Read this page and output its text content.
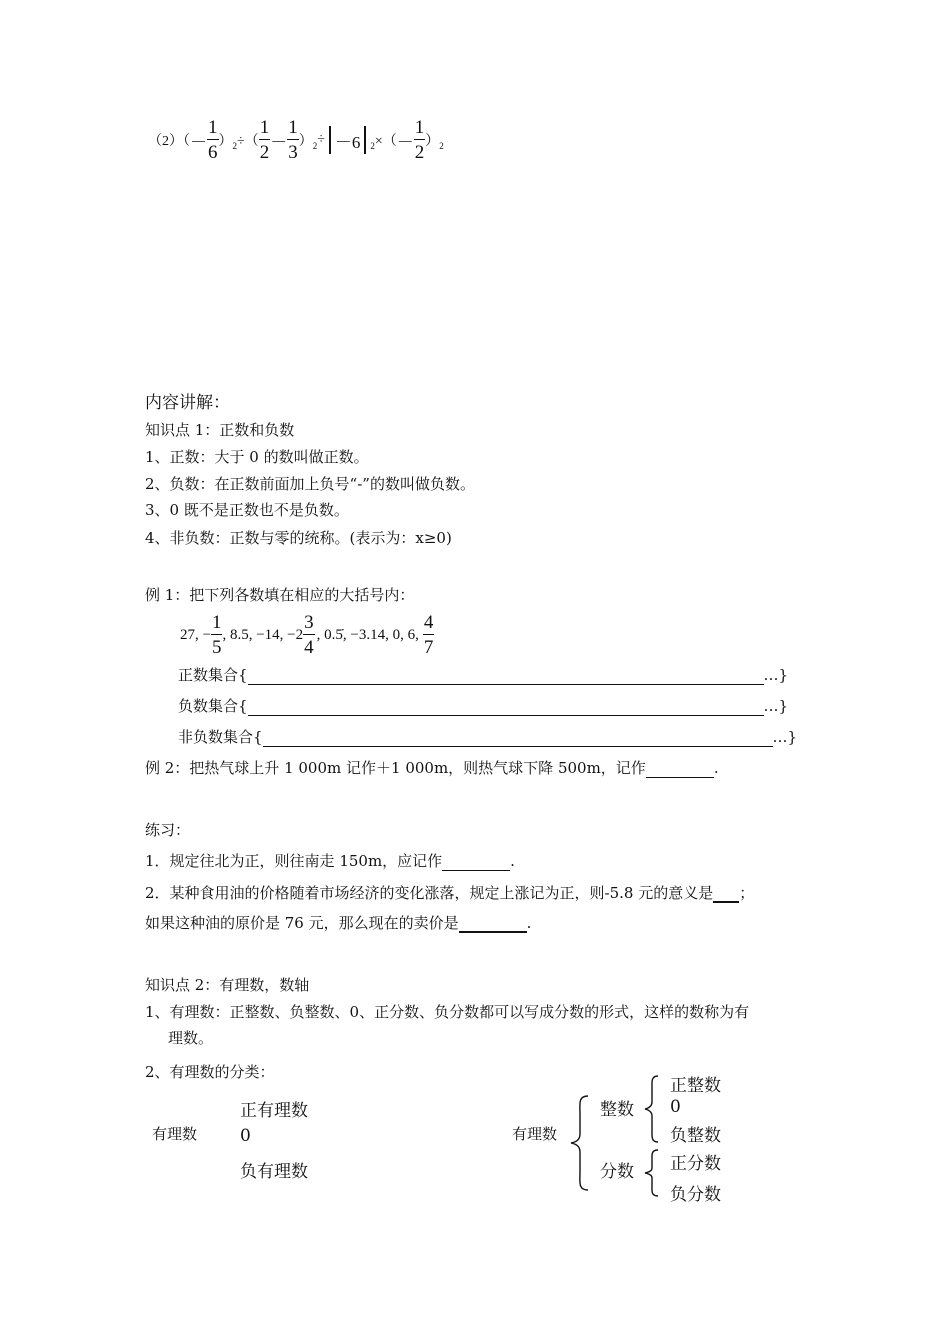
$(2)( - \frac{1}{6}$ ） 2 ÷（ $\frac{1}{2} - \frac{1}{3}$ ） 2 ÷ －6 2 ×（ － $\frac{1}{2}$ ） 2
内容讲解：
知识点 1：正数和负数
1、正数：大于 0 的数叫做正数。
2、负数：在正数前面加上负号“-”的数叫做负数。
3、0 既不是正数也不是负数。
4、非负数：正数与零的统称。(表示为：x≥0)
例 1：把下列各数填在相应的大括号内：
27, − $\frac{1}{5}$ , 8.5, −14, $-2 \frac{3}{4}$ , 0.5̇, −3.14, 0, 6, $\frac{4}{7}$
正数集合{	…}
负数集合{	…}
非负数集合{	…}
例 2：把热气球上升 1 000m 记作＋1 000m，则热气球下降 500m，记作	.
练习：
1．规定往北为正，则往南走 150m，应记作	.
2．某种食用油的价格随着市场经济的变化涨落，规定上涨记为正，则-5.8 元的意义是 ；
如果这种油的原价是 76 元，那么现在的卖价是	.
知识点 2：有理数，数轴
1、有理数：正整数、负整数、0、正分数、负分数都可以写成分数的形式，这样的数称为有
理数。
2、有理数的分类：
有理数
正有理数
0
负有理数
有理数
整数
分数
正整数
0
负整数
正分数
负分数
